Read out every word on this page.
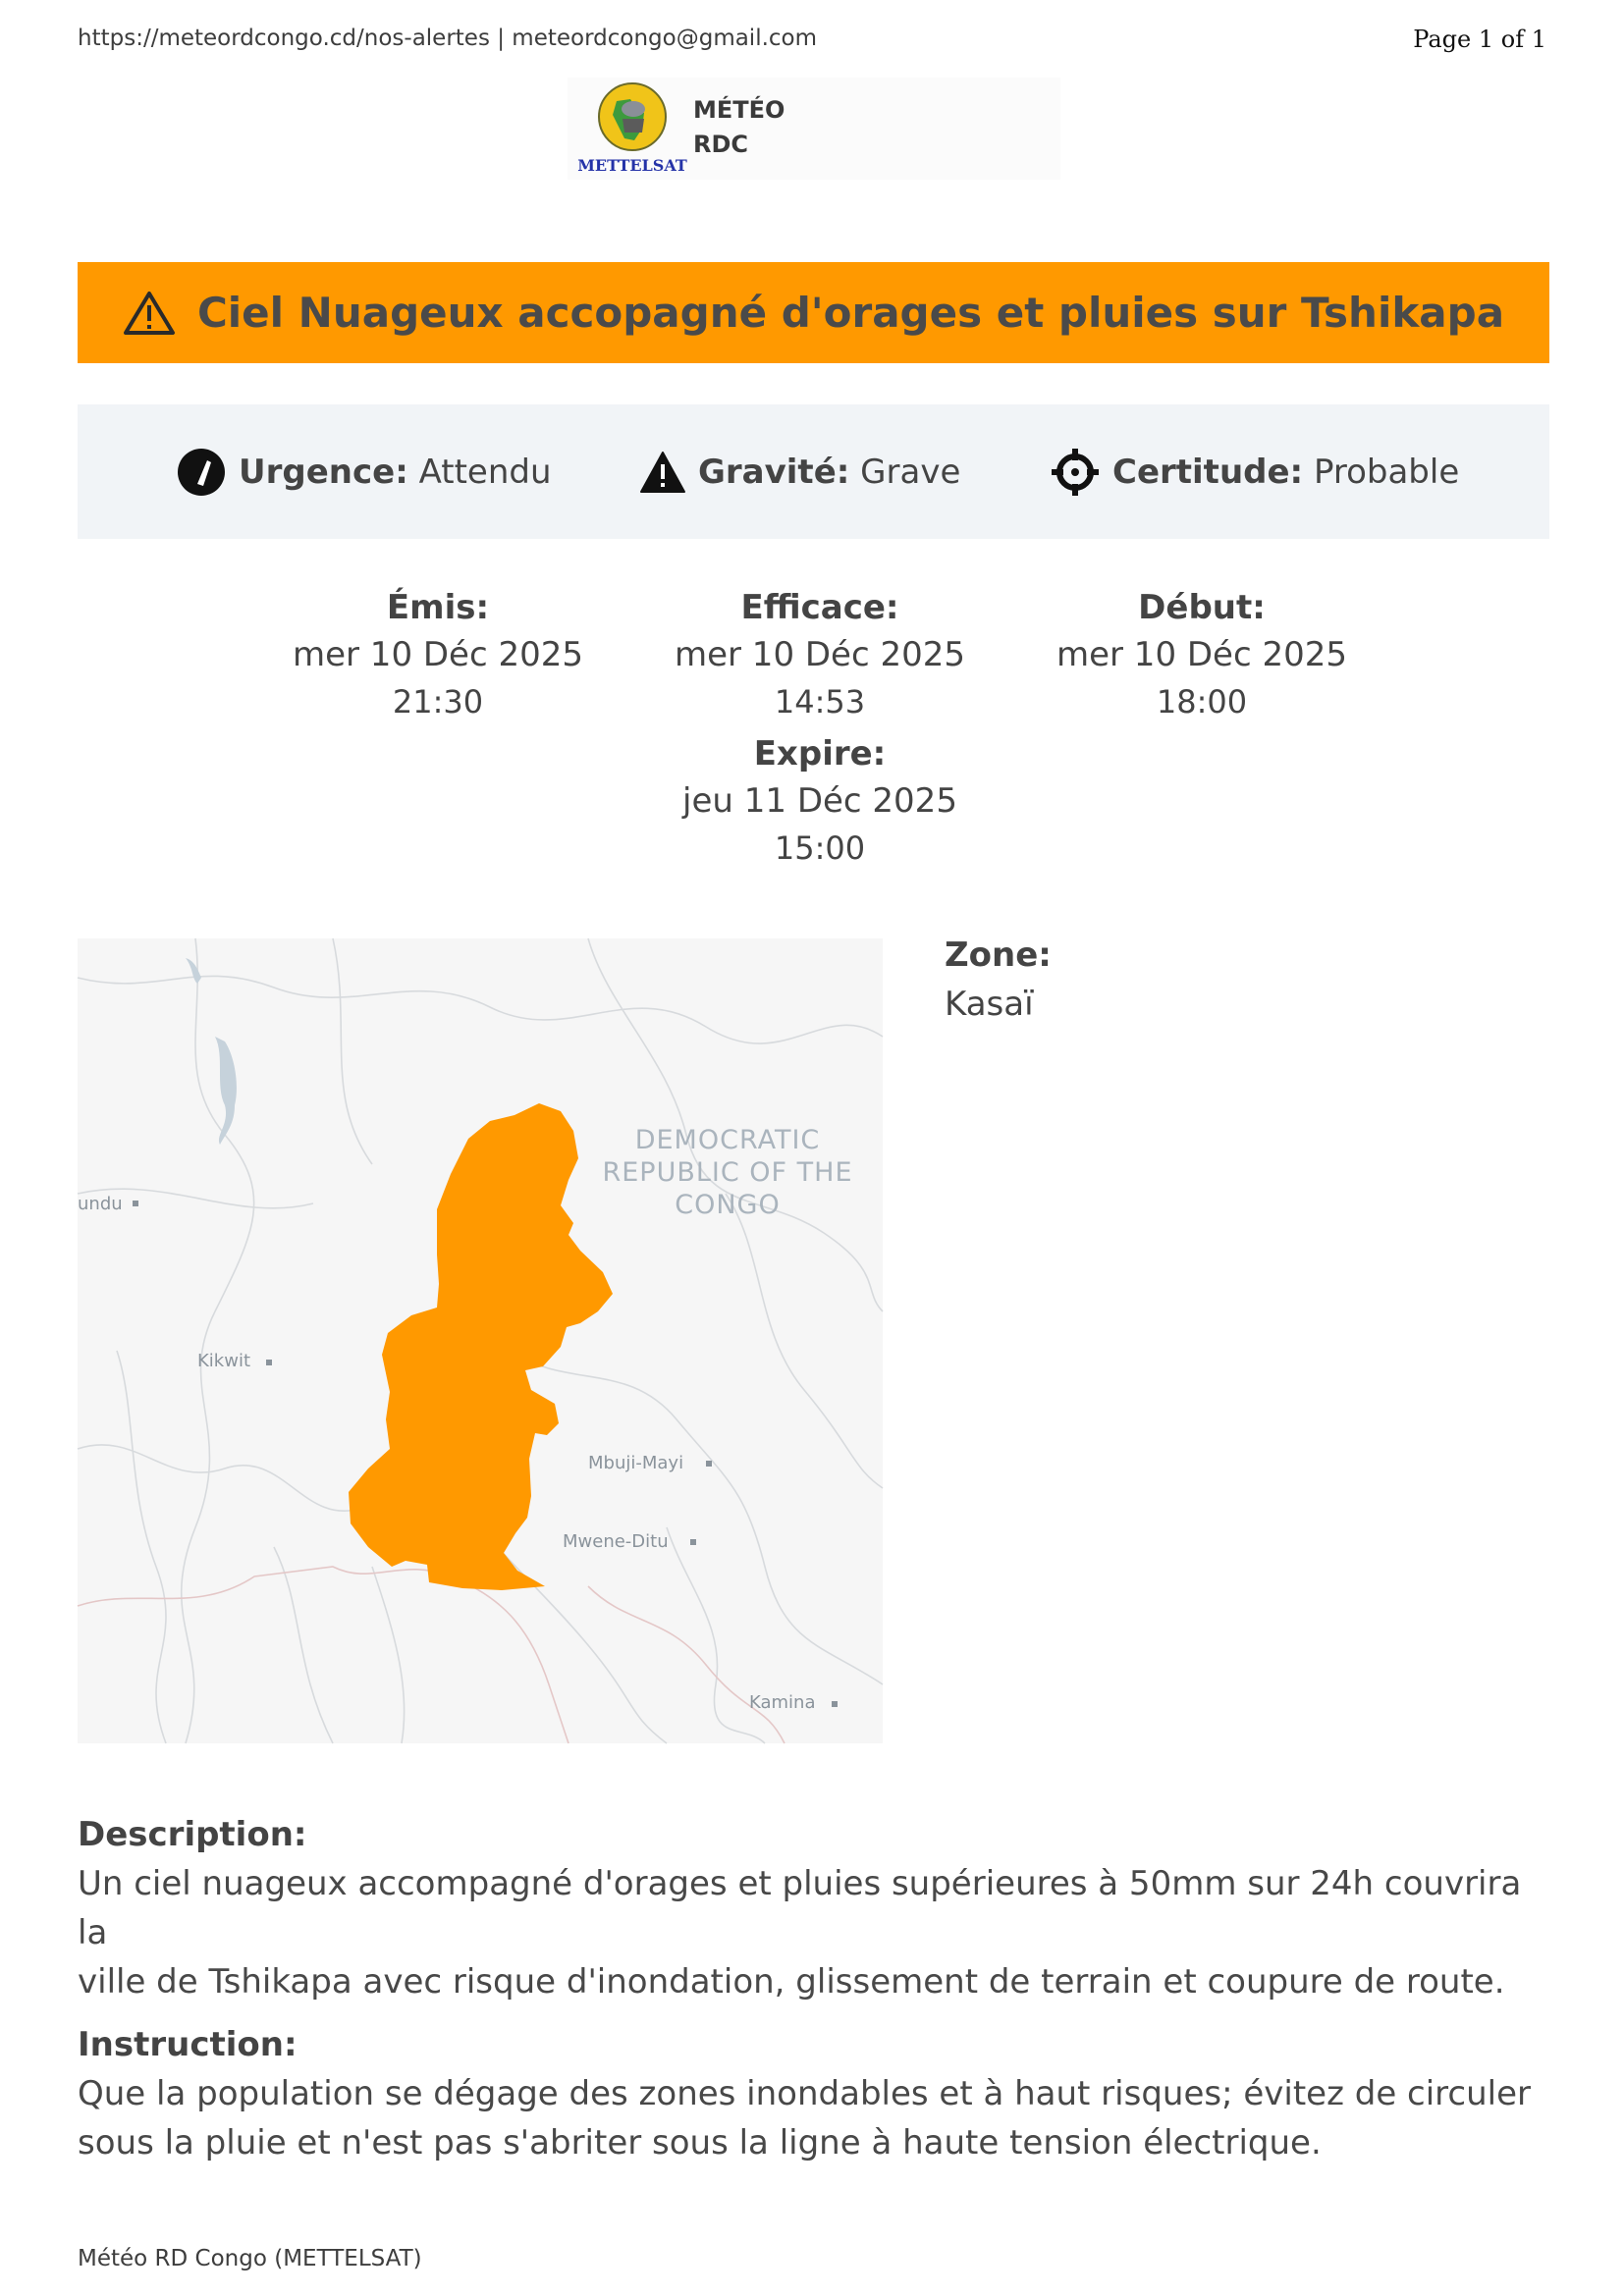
https://meteordcongo.cd/nos-alertes | meteordcongo@gmail.com	Page 1 of 1
METTELSAT
MÉTÉO
RDC
Ciel Nuageux accopagné d'orages et pluies sur Tshikapa
Urgence: Attendu	Gravité: Grave	Certitude: Probable
Émis:
mer 10 Déc 2025
21:30
Efficace:
mer 10 Déc 2025
14:53
Début:
mer 10 Déc 2025
18:00
Expire:
jeu 11 Déc 2025
15:00
DEMOCRATIC
REPUBLIC OF THE
CONGO
undu
Kikwit
Mbuji-Mayi
Mwene-Ditu
Kamina
Zone:
Kasaï
Description:
Un ciel nuageux accompagné d'orages et pluies supérieures à 50mm sur 24h couvrira la
ville de Tshikapa avec risque d'inondation, glissement de terrain et coupure de route.
Instruction:
Que la population se dégage des zones inondables et à haut risques; évitez de circuler
sous la pluie et n'est pas s'abriter sous la ligne à haute tension électrique.
Météo RD Congo (METTELSAT)
